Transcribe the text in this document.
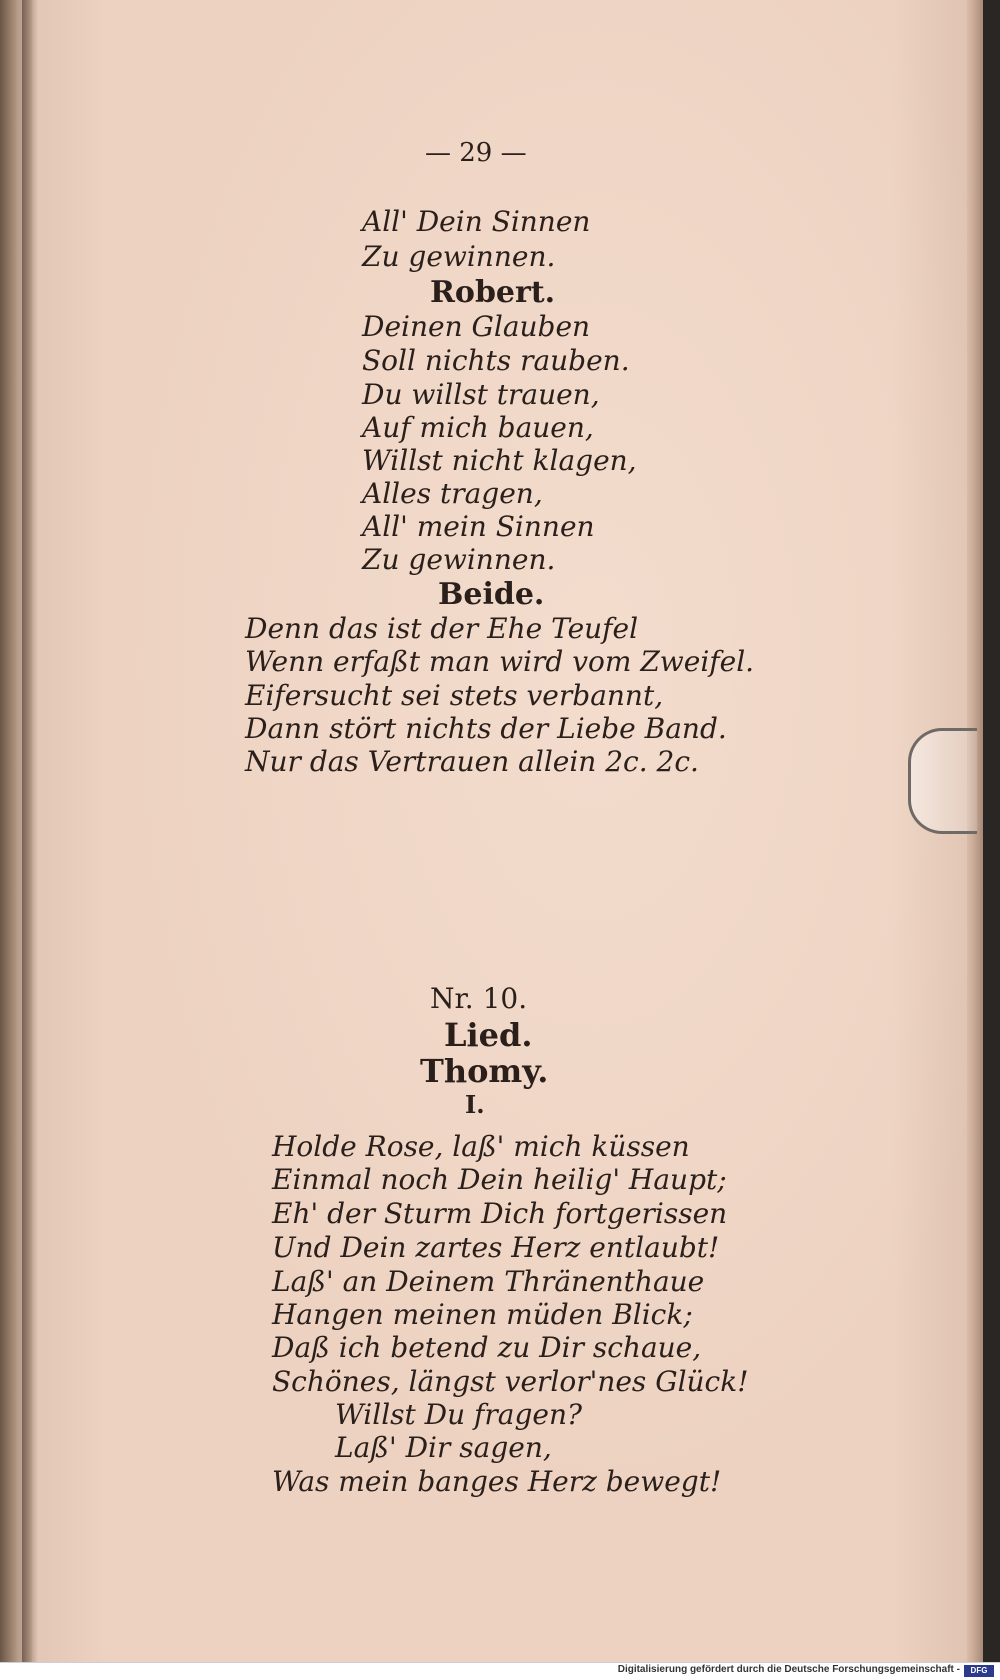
— 29 —
All' Dein Sinnen
Zu gewinnen.
Robert.
Deinen Glauben
Soll nichts rauben.
Du willst trauen,
Auf mich bauen,
Willst nicht klagen,
Alles tragen,
All' mein Sinnen
Zu gewinnen.
Beide.
Denn das ist der Ehe Teufel
Wenn erfaßt man wird vom Zweifel.
Eifersucht sei stets verbannt,
Dann stört nichts der Liebe Band.
Nur das Vertrauen allein 2c. 2c.
Nr. 10.
Lied.
Thomy.
I.
Holde Rose, laß' mich küssen
Einmal noch Dein heilig' Haupt;
Eh' der Sturm Dich fortgerissen
Und Dein zartes Herz entlaubt!
Laß' an Deinem Thränenthaue
Hangen meinen müden Blick;
Daß ich betend zu Dir schaue,
Schönes, längst verlor'nes Glück!
Willst Du fragen?
Laß' Dir sagen,
Was mein banges Herz bewegt!
Digitalisierung gefördert durch die Deutsche Forschungsgemeinschaft -	DFG
